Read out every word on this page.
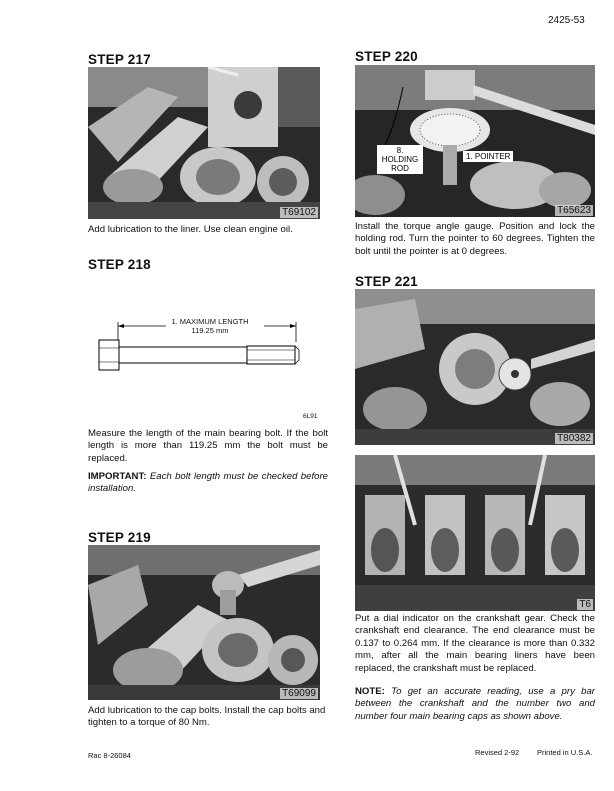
2425-53
STEP 217
T69102
Add lubrication to the liner. Use clean engine oil.
STEP 218
1. MAXIMUM LENGTH
119.25 mm
6L91
Measure the length of the main bearing bolt. If the bolt length is more than 119.25 mm the bolt must be replaced.
IMPORTANT: Each bolt length must be checked before installation.
STEP 219
T69099
Add lubrication to the cap bolts. Install the cap bolts and tighten to a torque of 80 Nm.
STEP 220
8. HOLDING ROD
1. POINTER
T65623
Install the torque angle gauge. Position and lock the holding rod. Turn the pointer to 60 degrees. Tighten the bolt until the pointer is at 0 degrees.
STEP 221
T80382
T6
Put a dial indicator on the crankshaft gear. Check the crankshaft end clearance. The end clearance must be 0.137 to 0.264 mm. If the clearance is more than 0.332 mm, after all the main bearing liners have been replaced, the crankshaft must be replaced.
NOTE: To get an accurate reading, use a pry bar between the crankshaft and the number two and number four main bearing caps as shown above.
Rac 8-26084	Revised 2-92 Printed in U.S.A.
